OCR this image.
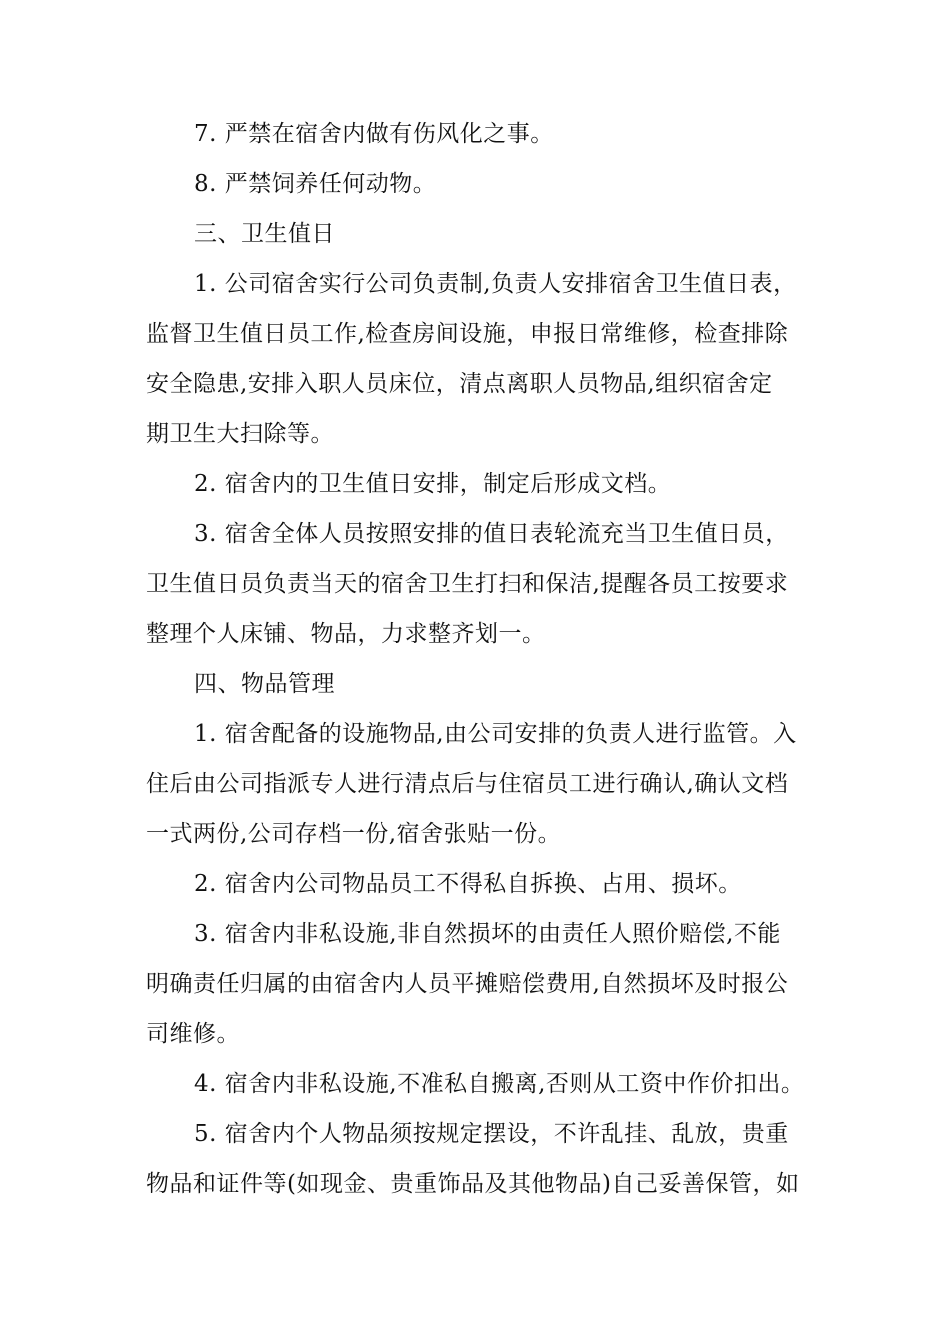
7. 严禁在宿舍内做有伤风化之事。

8. 严禁饲养任何动物。

三、卫生值日

1. 公司宿舍实行公司负责制,负责人安排宿舍卫生值日表，

监督卫生值日员工作,检查房间设施，申报日常维修，检查排除

安全隐患,安排入职人员床位，清点离职人员物品,组织宿舍定

期卫生大扫除等。

2. 宿舍内的卫生值日安排，制定后形成文档。

3. 宿舍全体人员按照安排的值日表轮流充当卫生值日员，

卫生值日员负责当天的宿舍卫生打扫和保洁,提醒各员工按要求

整理个人床铺、物品，力求整齐划一。

四、物品管理

1. 宿舍配备的设施物品,由公司安排的负责人进行监管。入

住后由公司指派专人进行清点后与住宿员工进行确认,确认文档

一式两份,公司存档一份,宿舍张贴一份。

2. 宿舍内公司物品员工不得私自拆换、占用、损坏。

3. 宿舍内非私设施,非自然损坏的由责任人照价赔偿,不能

明确责任归属的由宿舍内人员平摊赔偿费用,自然损坏及时报公

司维修。

4. 宿舍内非私设施,不准私自搬离,否则从工资中作价扣出。

5. 宿舍内个人物品须按规定摆设，不许乱挂、乱放，贵重

物品和证件等(如现金、贵重饰品及其他物品)自己妥善保管，如
